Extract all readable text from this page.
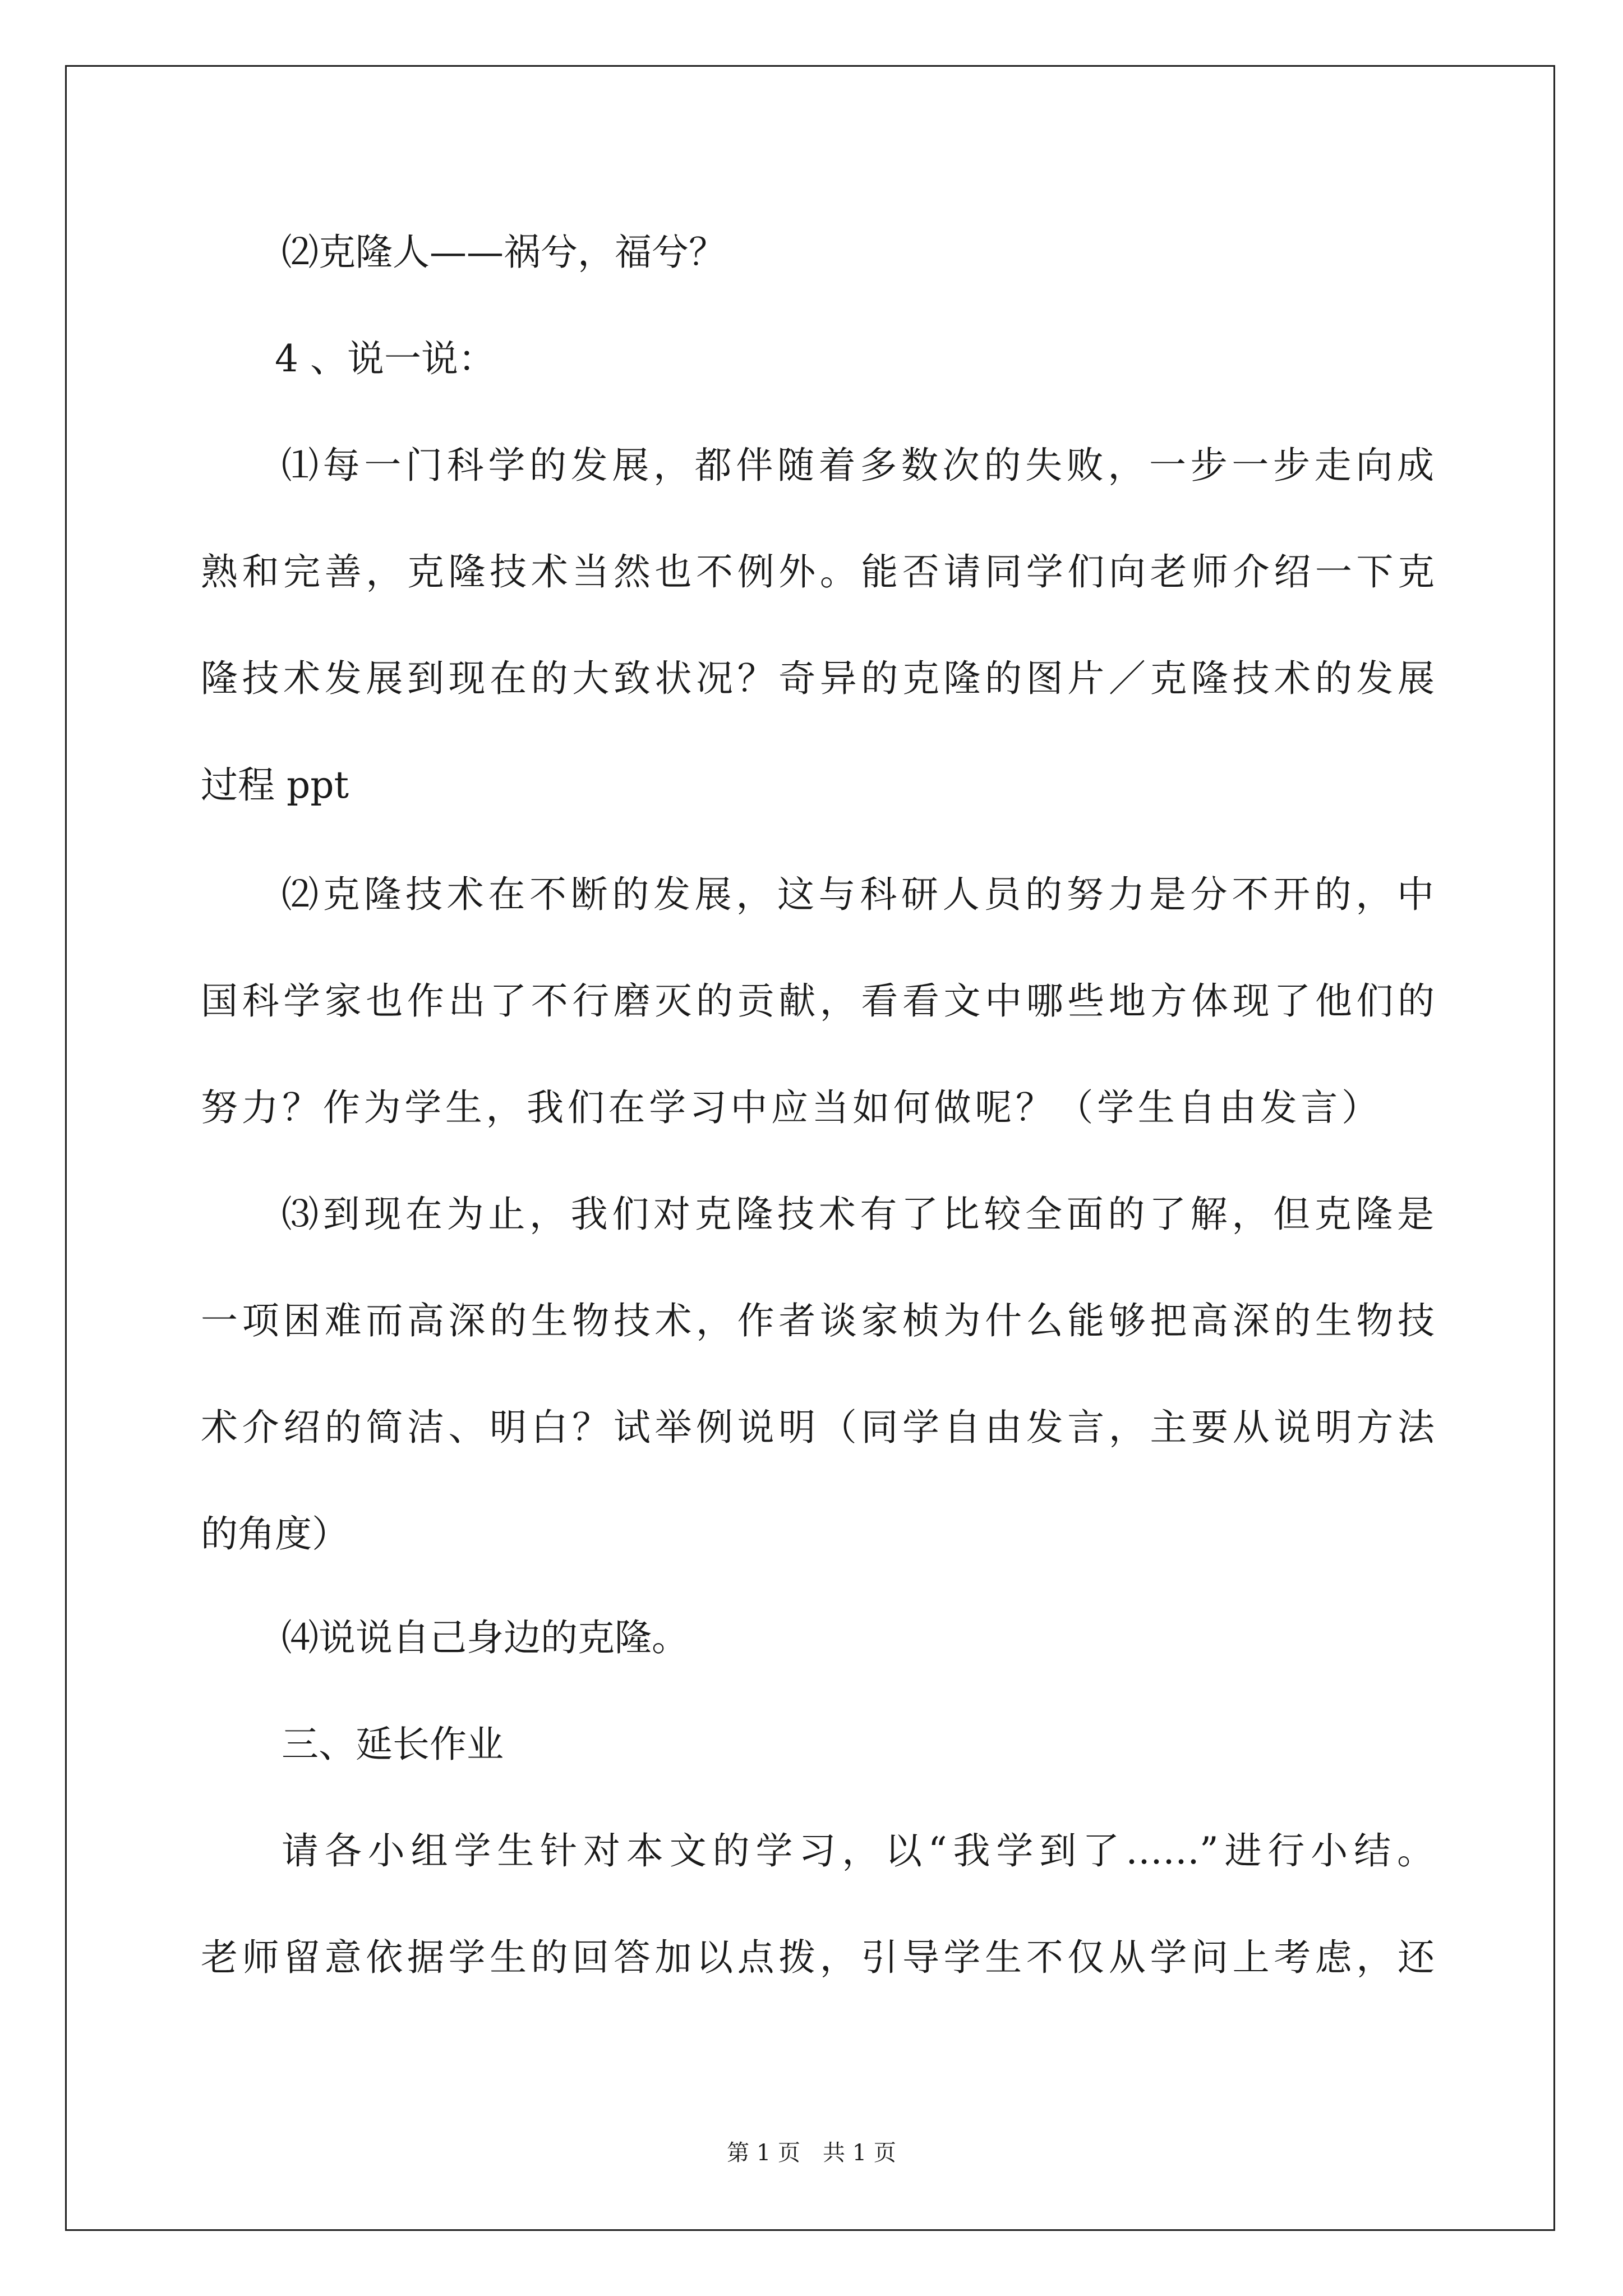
⑵克隆人——祸兮，福兮？

4 、说一说：

⑴每一门科学的发展，都伴随着多数次的失败，一步一步走向成

熟和完善，克隆技术当然也不例外。能否请同学们向老师介绍一下克

隆技术发展到现在的大致状况？奇异的克隆的图片／克隆技术的发展

过程 ppt

⑵克隆技术在不断的发展，这与科研人员的努力是分不开的，中

国科学家也作出了不行磨灭的贡献，看看文中哪些地方体现了他们的

努力？作为学生，我们在学习中应当如何做呢？（学生自由发言）

⑶到现在为止，我们对克隆技术有了比较全面的了解，但克隆是

一项困难而高深的生物技术，作者谈家桢为什么能够把高深的生物技

术介绍的简洁、明白？试举例说明（同学自由发言，主要从说明方法

的角度）

⑷说说自己身边的克隆。

三、延长作业

请各小组学生针对本文的学习，以“我学到了……”进行小结。

老师留意依据学生的回答加以点拨，引导学生不仅从学问上考虑，还

第 1 页　共 1 页
